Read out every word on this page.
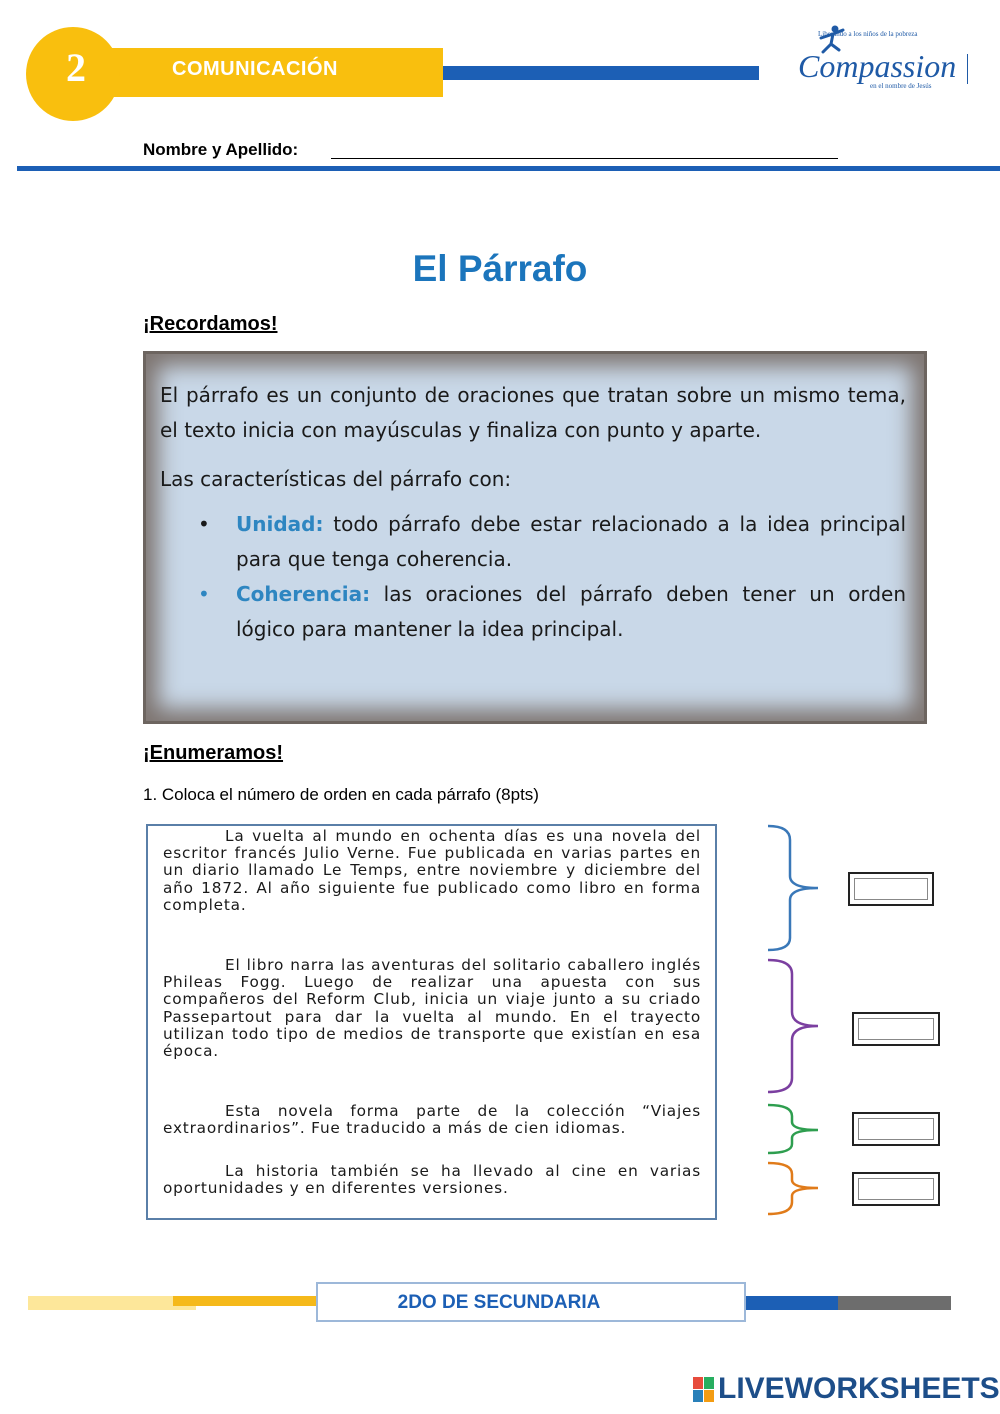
2	COMUNICACIÓN
Liberando a los niños de la pobreza
Compassion
en el nombre de Jesús
Nombre y Apellido:
El Párrafo
¡Recordamos!

El párrafo es un conjunto de oraciones que tratan sobre un mismo tema, el texto inicia con mayúsculas y finaliza con punto y aparte.

Las características del párrafo con:

• Unidad: todo párrafo debe estar relacionado a la idea principal para que tenga coherencia.

• Coherencia: las oraciones del párrafo deben tener un orden lógico para mantener la idea principal.

¡Enumeramos!
1. Coloca el número de orden en cada párrafo (8pts)

La vuelta al mundo en ochenta días es una novela del escritor francés Julio Verne. Fue publicada en varias partes en un diario llamado Le Temps, entre noviembre y diciembre del año 1872. Al año siguiente fue publicado como libro en forma completa.

El libro narra las aventuras del solitario caballero inglés Phileas Fogg. Luego de realizar una apuesta con sus compañeros del Reform Club, inicia un viaje junto a su criado Passepartout para dar la vuelta al mundo. En el trayecto utilizan todo tipo de medios de transporte que existían en esa época.

Esta novela forma parte de la colección “Viajes extraordinarios”. Fue traducido a más de cien idiomas.

La historia también se ha llevado al cine en varias oportunidades y en diferentes versiones.

2DO DE SECUNDARIA
LIVEWORKSHEETS
